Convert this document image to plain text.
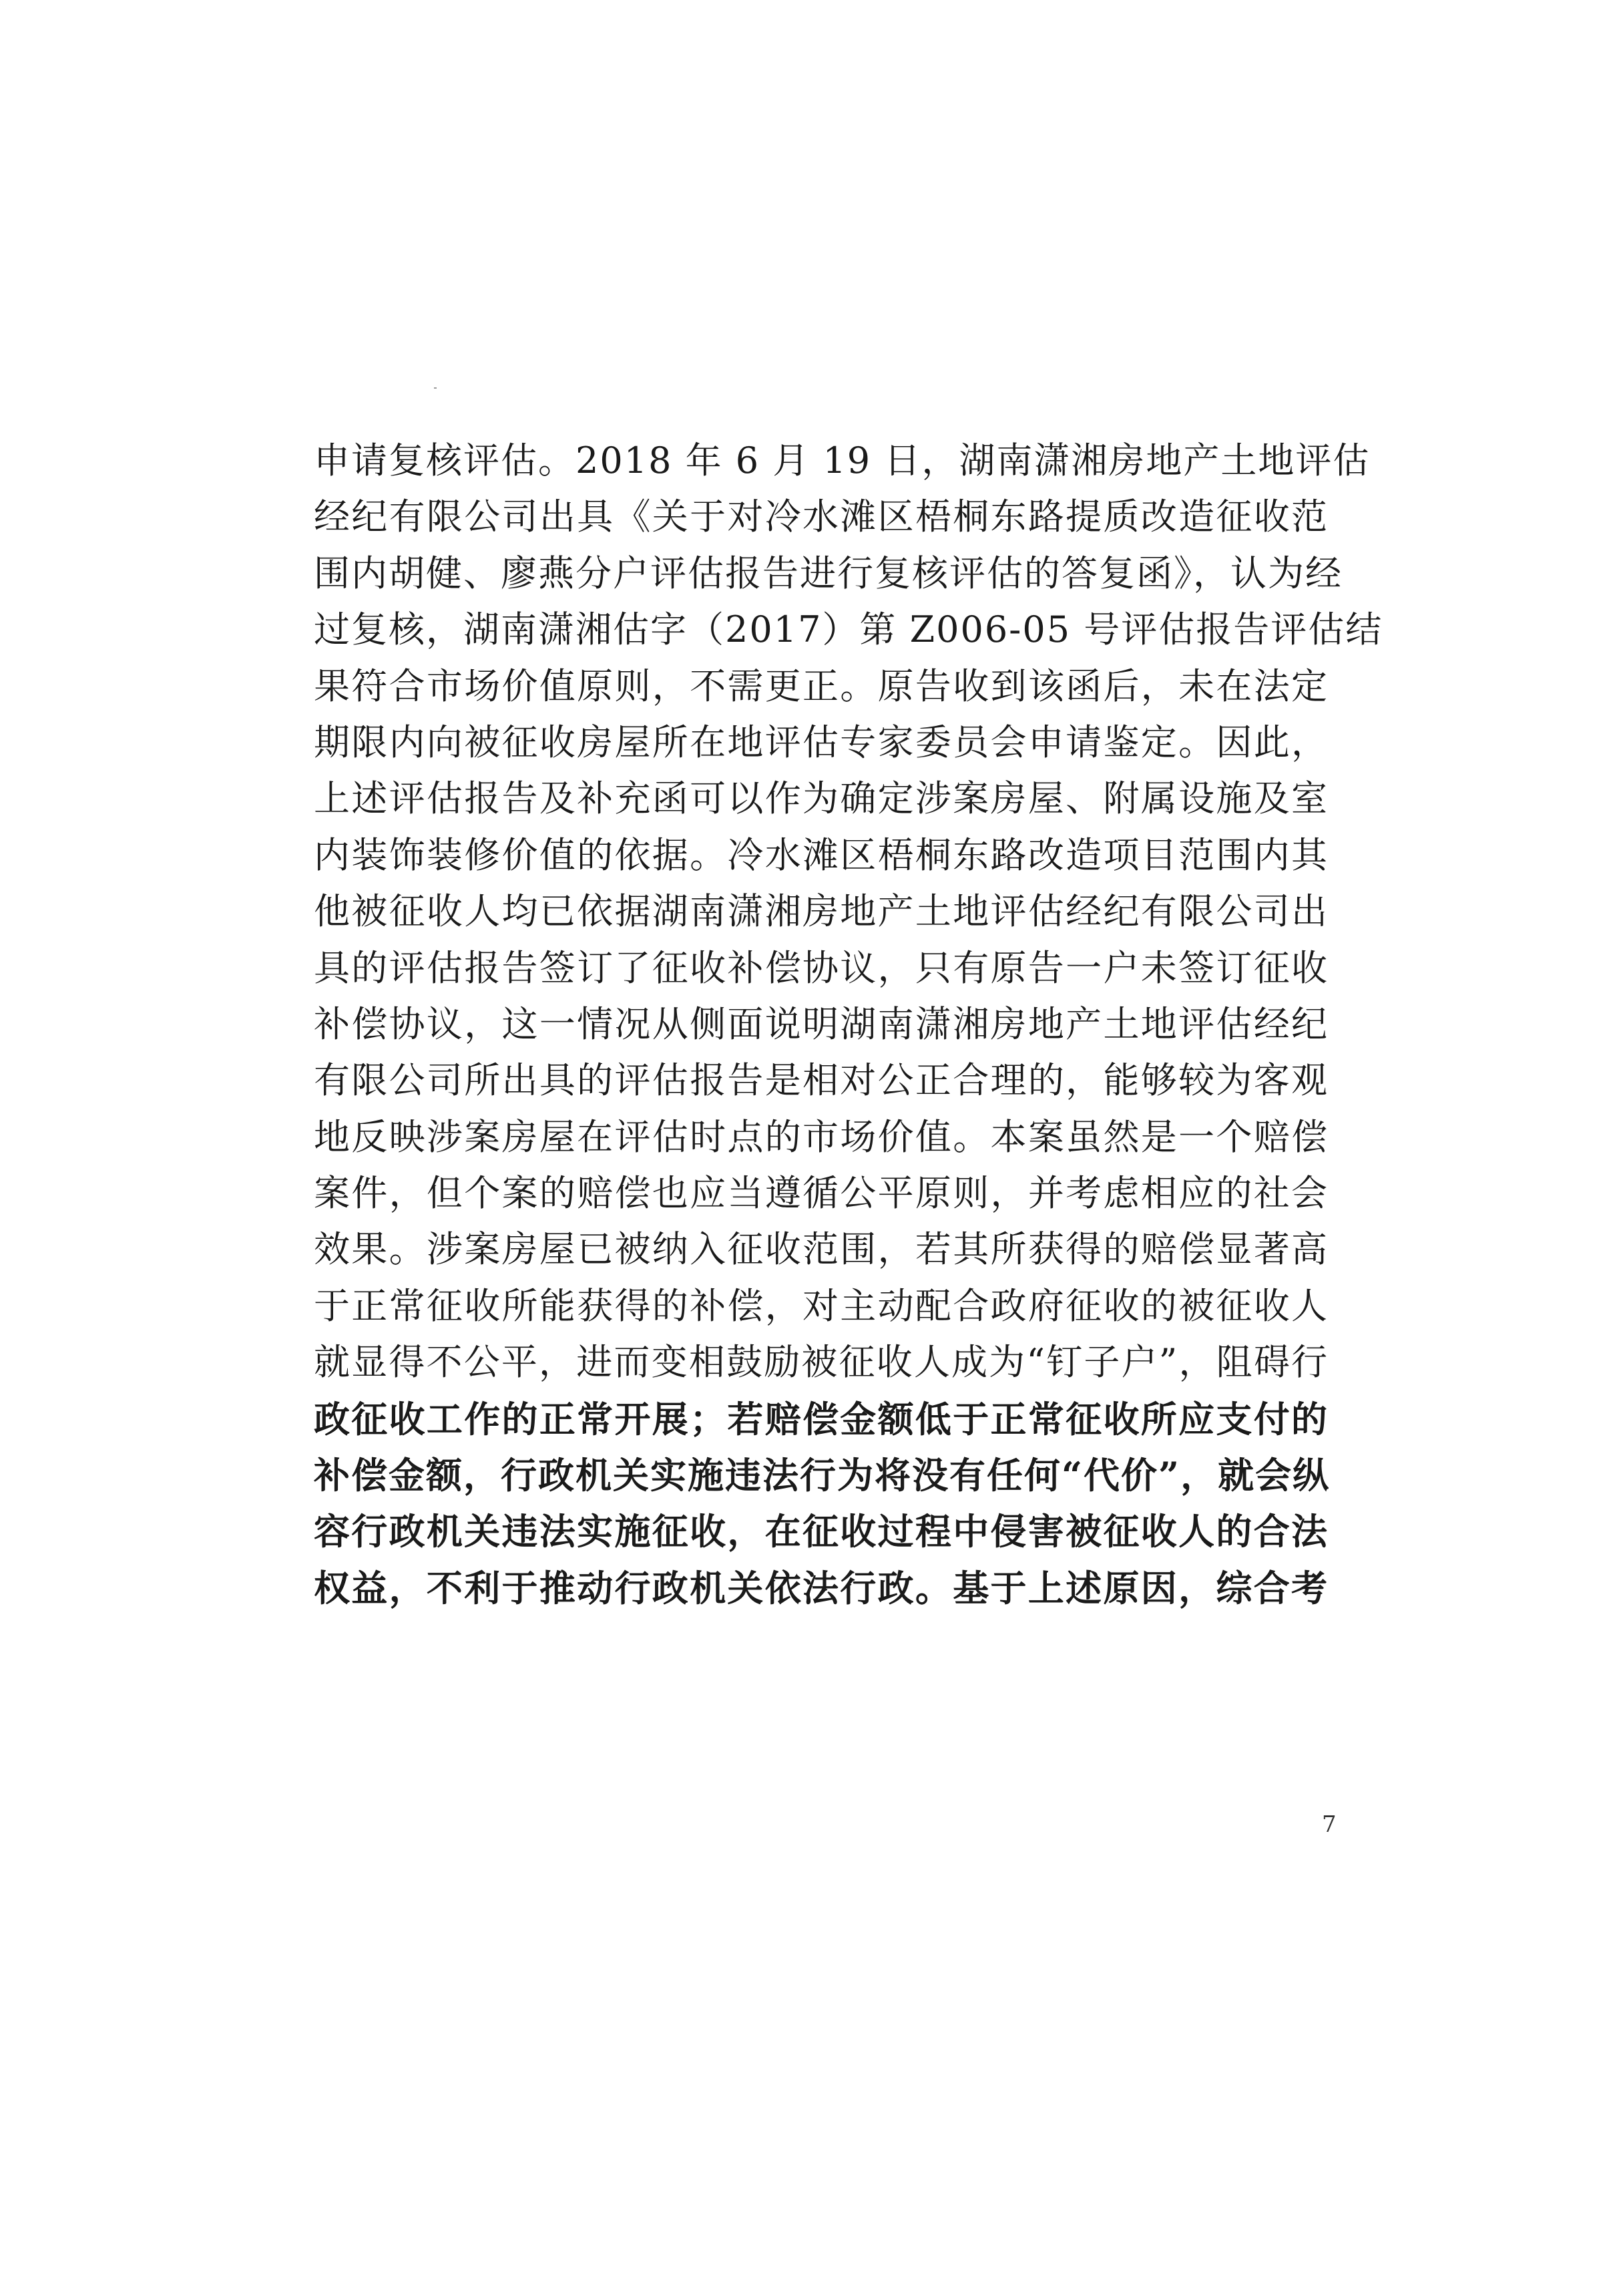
申请复核评估。2018 年 6 月 19 日，湖南潇湘房地产土地评估
经纪有限公司出具《关于对冷水滩区梧桐东路提质改造征收范
围内胡健、廖燕分户评估报告进行复核评估的答复函》，认为经
过复核，湖南潇湘估字（2017）第 Z006-05 号评估报告评估结
果符合市场价值原则，不需更正。原告收到该函后，未在法定
期限内向被征收房屋所在地评估专家委员会申请鉴定。因此，
上述评估报告及补充函可以作为确定涉案房屋、附属设施及室
内装饰装修价值的依据。冷水滩区梧桐东路改造项目范围内其
他被征收人均已依据湖南潇湘房地产土地评估经纪有限公司出
具的评估报告签订了征收补偿协议，只有原告一户未签订征收
补偿协议，这一情况从侧面说明湖南潇湘房地产土地评估经纪
有限公司所出具的评估报告是相对公正合理的，能够较为客观
地反映涉案房屋在评估时点的市场价值。本案虽然是一个赔偿
案件，但个案的赔偿也应当遵循公平原则，并考虑相应的社会
效果。涉案房屋已被纳入征收范围，若其所获得的赔偿显著高
于正常征收所能获得的补偿，对主动配合政府征收的被征收人
就显得不公平，进而变相鼓励被征收人成为“钉子户”，阻碍行
政征收工作的正常开展；若赔偿金额低于正常征收所应支付的
补偿金额，行政机关实施违法行为将没有任何“代价”，就会纵
容行政机关违法实施征收，在征收过程中侵害被征收人的合法
权益，不利于推动行政机关依法行政。基于上述原因，综合考
7
